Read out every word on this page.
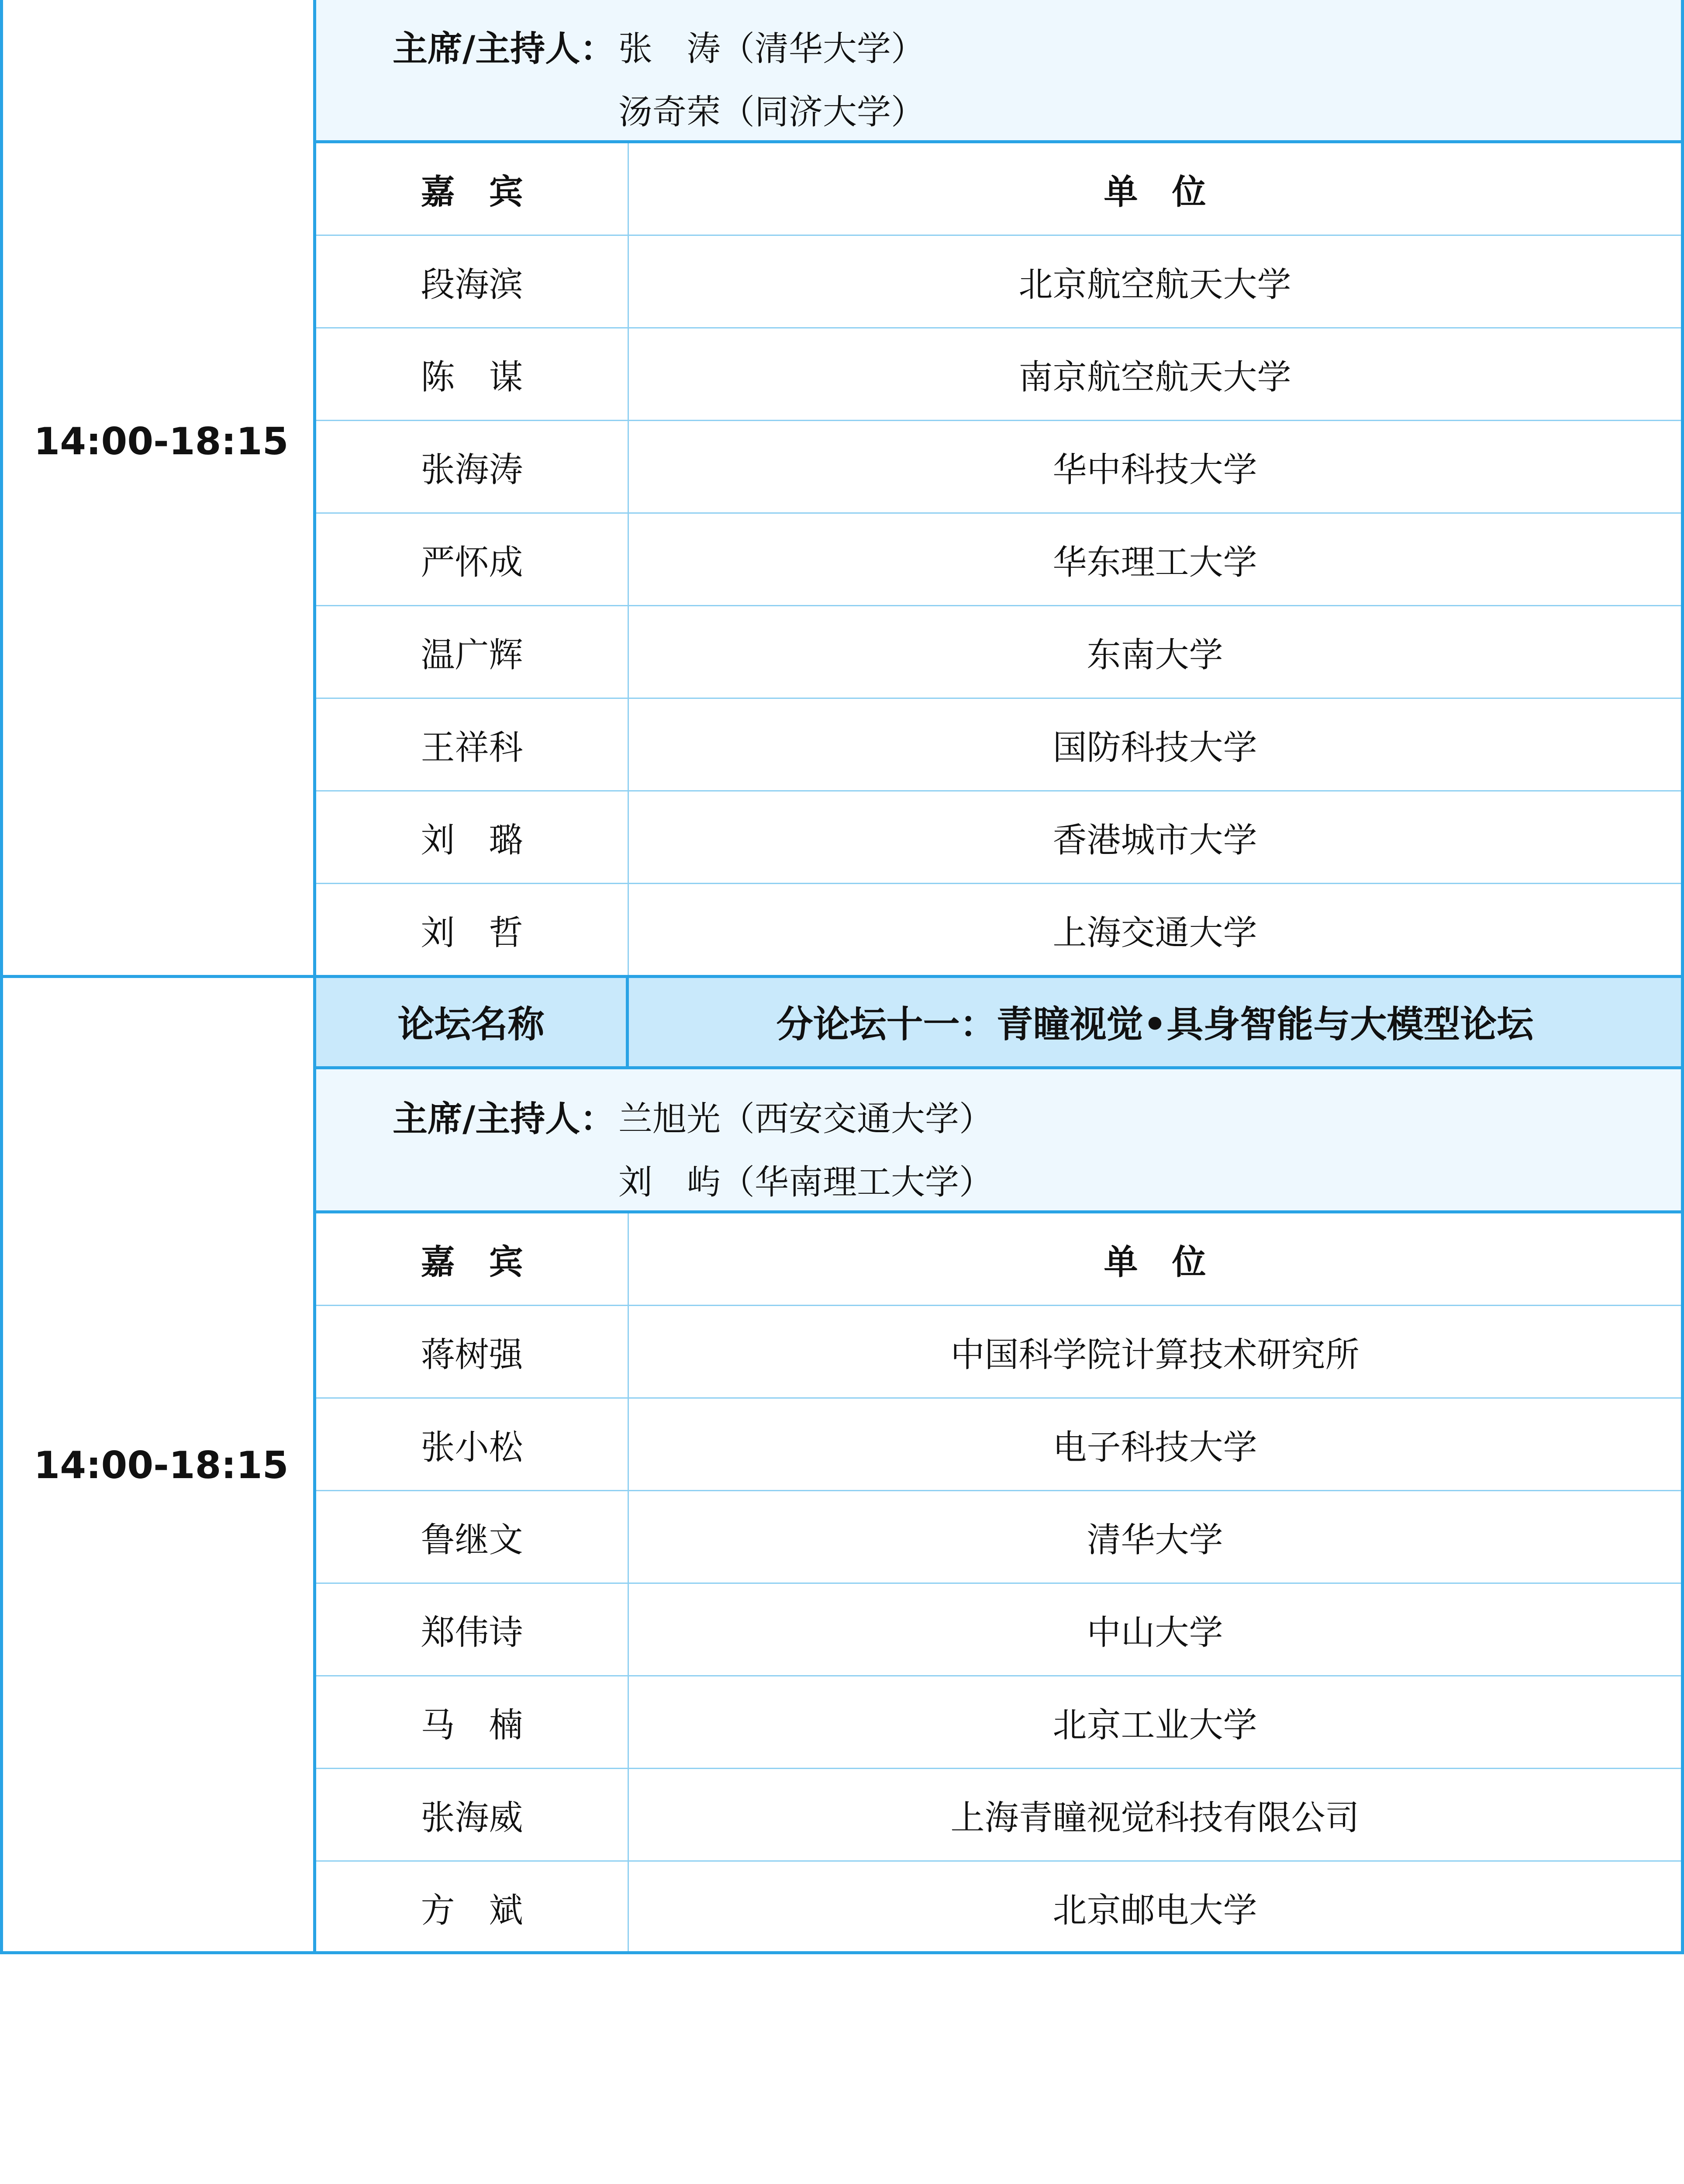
14:00-18:15
主席/主持人： 张　涛（清华大学）
汤奇荣（同济大学）
嘉　宾	单　位
段海滨	北京航空航天大学
陈　谋	南京航空航天大学
张海涛	华中科技大学
严怀成	华东理工大学
温广辉	东南大学
王祥科	国防科技大学
刘　璐	香港城市大学
刘　哲	上海交通大学
14:00-18:15
论坛名称	分论坛十一：青瞳视觉•具身智能与大模型论坛
主席/主持人： 兰旭光（西安交通大学）
刘　屿（华南理工大学）
嘉　宾	单　位
蒋树强	中国科学院计算技术研究所
张小松	电子科技大学
鲁继文	清华大学
郑伟诗	中山大学
马　楠	北京工业大学
张海威	上海青瞳视觉科技有限公司
方　斌	北京邮电大学
